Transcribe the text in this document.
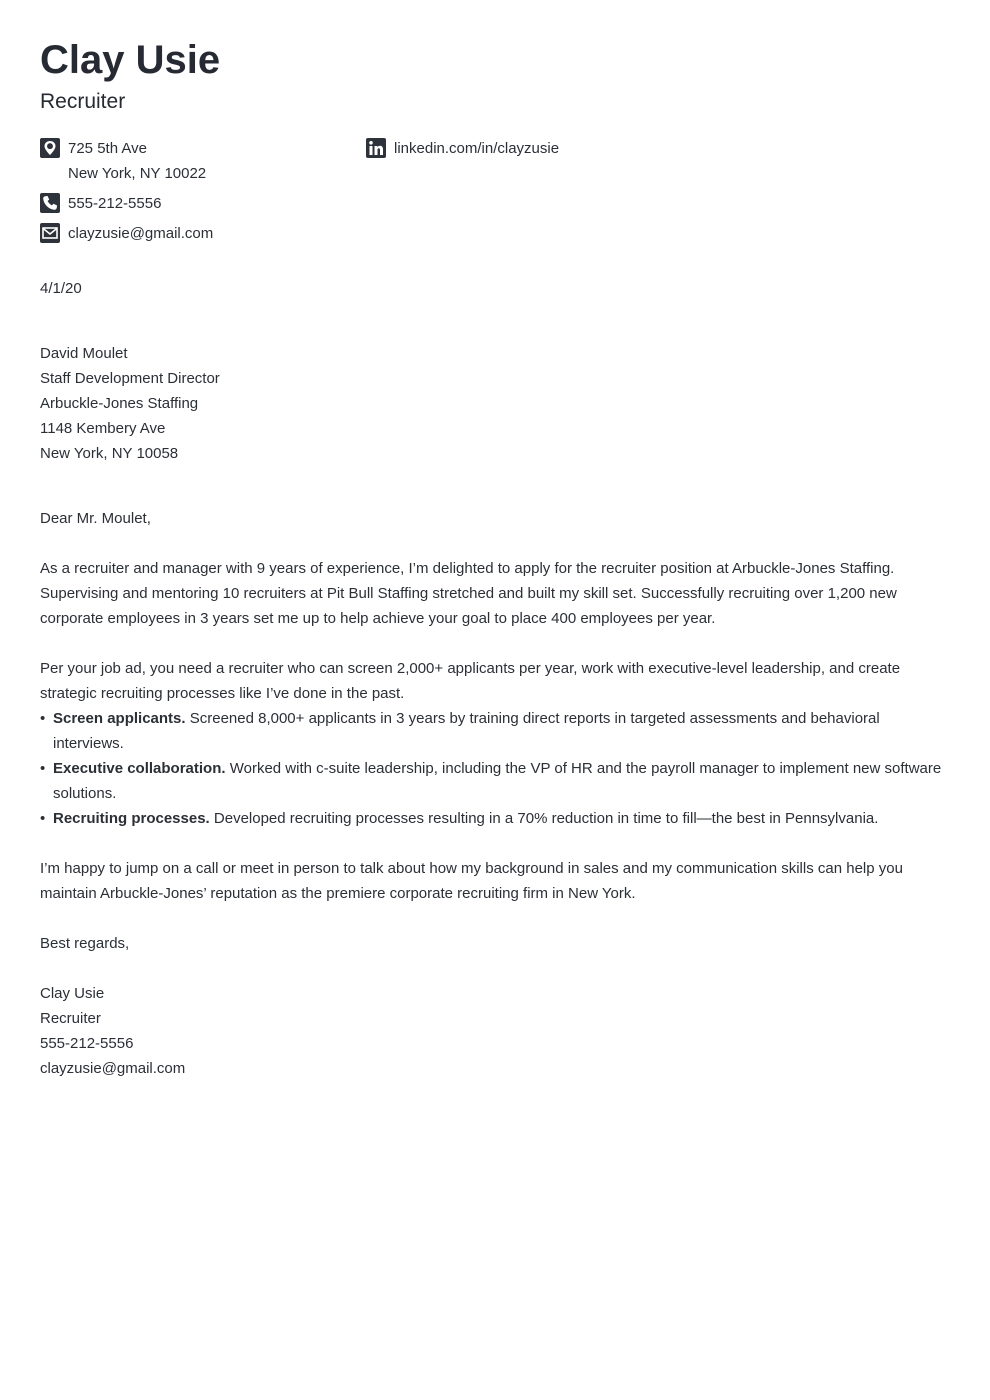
Clay Usie
Recruiter
725 5th Ave
New York, NY 10022
555-212-5556
clayzusie@gmail.com
linkedin.com/in/clayzusie
4/1/20
David Moulet
Staff Development Director
Arbuckle-Jones Staffing
1148 Kembery Ave
New York, NY 10058
Dear Mr. Moulet,
As a recruiter and manager with 9 years of experience, I’m delighted to apply for the recruiter position at Arbuckle-Jones Staffing. Supervising and mentoring 10 recruiters at Pit Bull Staffing stretched and built my skill set. Successfully recruiting over 1,200 new corporate employees in 3 years set me up to help achieve your goal to place 400 employees per year.
Per your job ad, you need a recruiter who can screen 2,000+ applicants per year, work with executive-level leadership, and create strategic recruiting processes like I’ve done in the past.
• Screen applicants. Screened 8,000+ applicants in 3 years by training direct reports in targeted assessments and behavioral interviews.
• Executive collaboration. Worked with c-suite leadership, including the VP of HR and the payroll manager to implement new software solutions.
• Recruiting processes. Developed recruiting processes resulting in a 70% reduction in time to fill—the best in Pennsylvania.
I’m happy to jump on a call or meet in person to talk about how my background in sales and my communication skills can help you maintain Arbuckle-Jones’ reputation as the premiere corporate recruiting firm in New York.
Best regards,
Clay Usie
Recruiter
555-212-5556
clayzusie@gmail.com
